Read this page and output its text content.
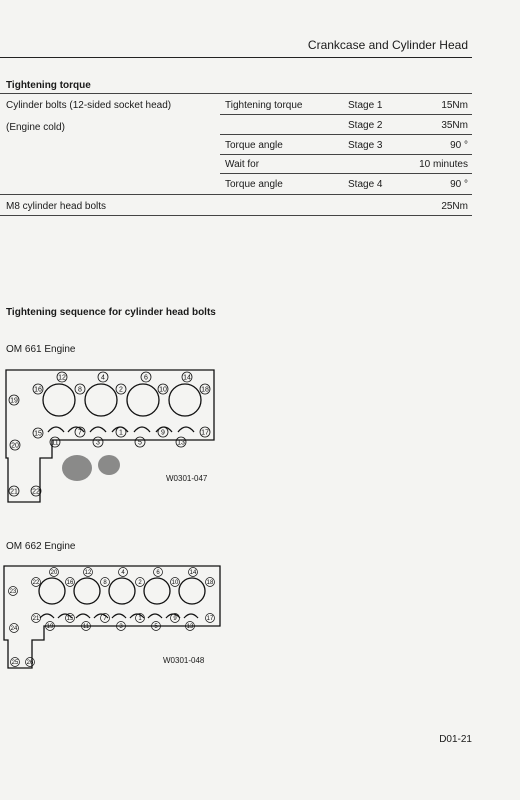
Crankcase and Cylinder Head
Tightening torque
Cylinder bolts (12-sided socket head)
(Engine cold)
Tightening torque	Stage 1	15Nm
Stage 2	35Nm
Torque angle	Stage 3	90 °
Wait for	10 minutes
Torque angle	Stage 4	90 °
M8 cylinder head bolts	25Nm
Tightening sequence for cylinder head bolts
OM 661 Engine
12	4	6	14
16	8	2	10	18
19
15	7	1	9	17
11	3	5	13
20
21 22
W0301-047
OM 662 Engine
20	12	4	6	14
22	16	8	2	10	18
23
21	15	7	1	9	17
19	11	3	5	13
24
25 26	W0301-048
D01-21
